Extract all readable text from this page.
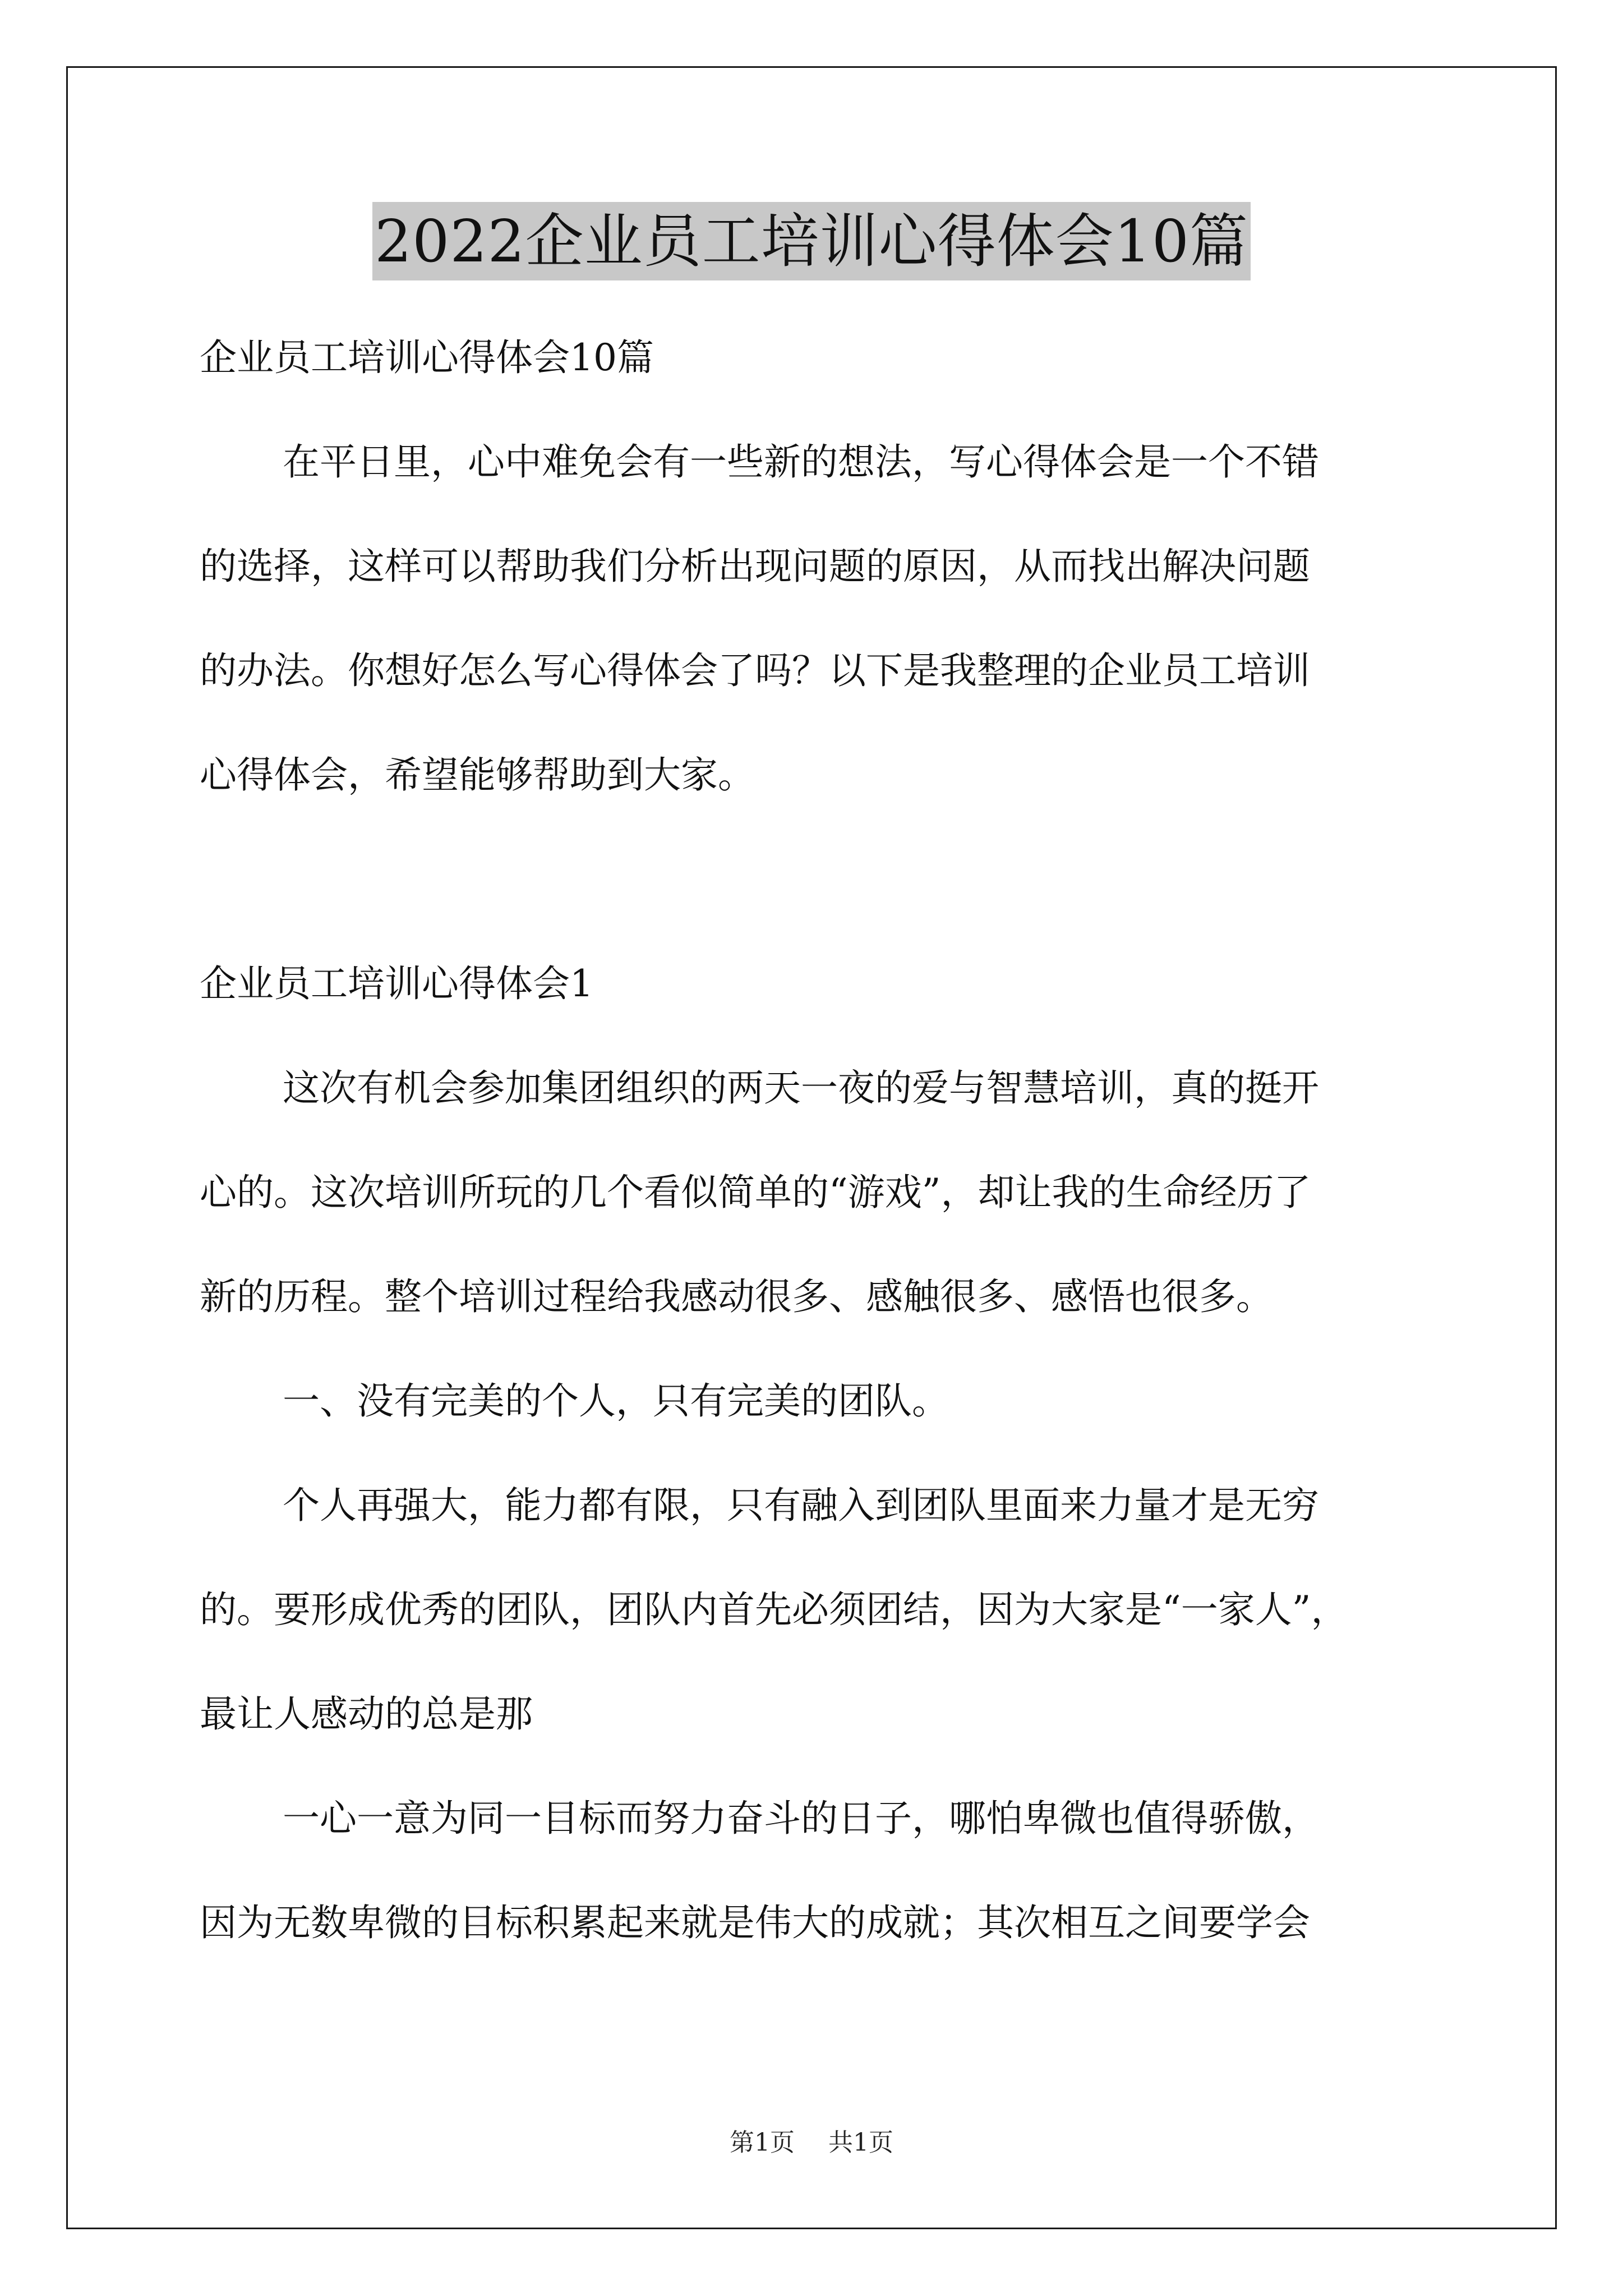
2022企业员工培训心得体会10篇
企业员工培训心得体会10篇
在平日里，心中难免会有一些新的想法，写心得体会是一个不错
的选择，这样可以帮助我们分析出现问题的原因，从而找出解决问题
的办法。你想好怎么写心得体会了吗？以下是我整理的企业员工培训
心得体会，希望能够帮助到大家。
企业员工培训心得体会1
这次有机会参加集团组织的两天一夜的爱与智慧培训，真的挺开
心的。这次培训所玩的几个看似简单的“游戏”，却让我的生命经历了
新的历程。整个培训过程给我感动很多、感触很多、感悟也很多。
一、没有完美的个人，只有完美的团队。
个人再强大，能力都有限，只有融入到团队里面来力量才是无穷
的。要形成优秀的团队，团队内首先必须团结，因为大家是“一家人”，
最让人感动的总是那
一心一意为同一目标而努力奋斗的日子，哪怕卑微也值得骄傲，
因为无数卑微的目标积累起来就是伟大的成就；其次相互之间要学会
第1页 共1页
